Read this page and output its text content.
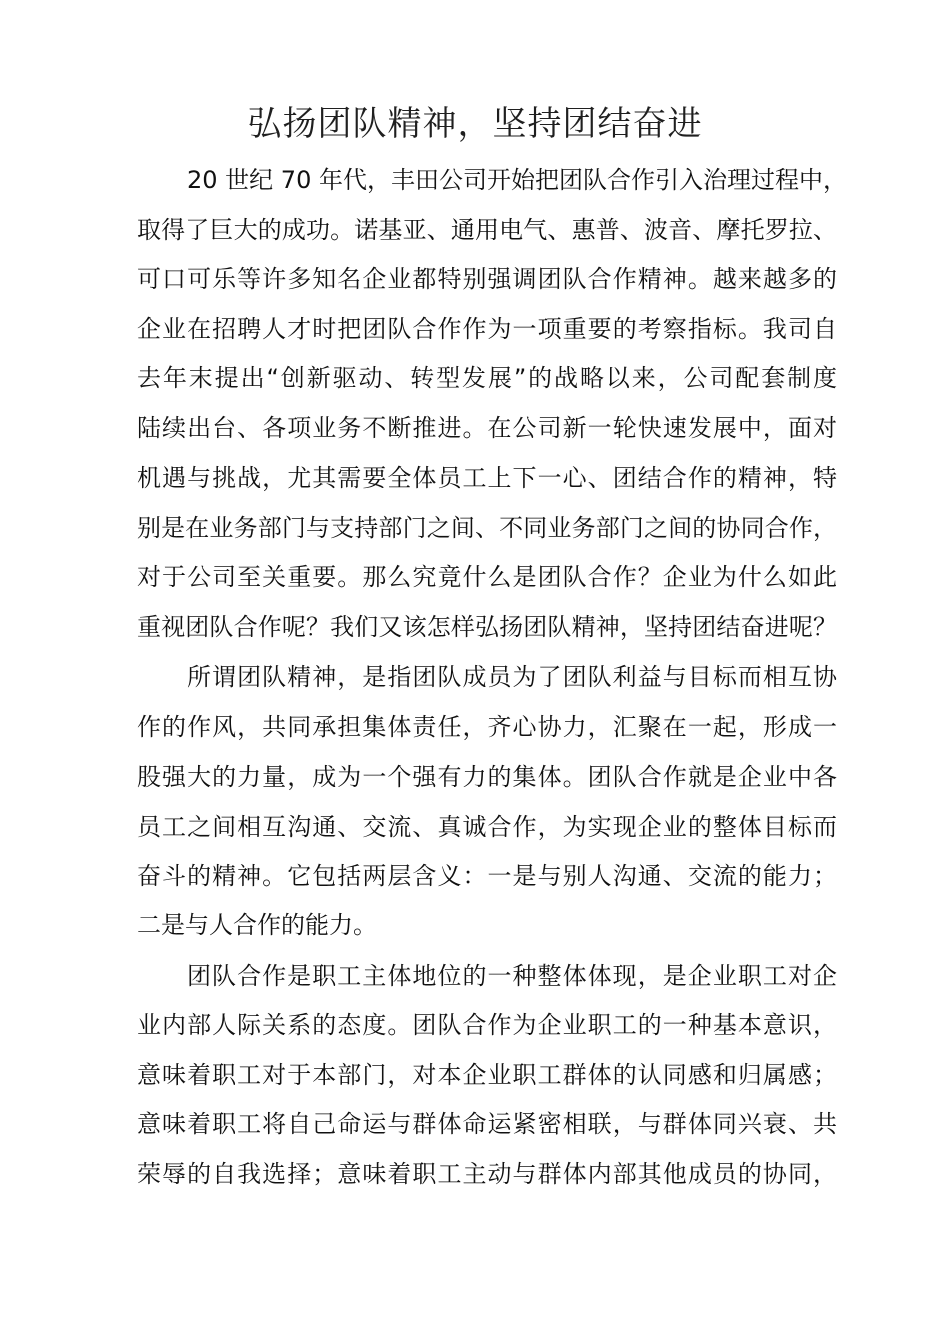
弘扬团队精神，坚持团结奋进

20 世纪 70 年代，丰田公司开始把团队合作引入治理过程中，

取得了巨大的成功。诺基亚、通用电气、惠普、波音、摩托罗拉、

可口可乐等许多知名企业都特别强调团队合作精神。越来越多的

企业在招聘人才时把团队合作作为一项重要的考察指标。我司自

去年末提出“创新驱动、转型发展”的战略以来，公司配套制度

陆续出台、各项业务不断推进。在公司新一轮快速发展中，面对

机遇与挑战，尤其需要全体员工上下一心、团结合作的精神，特

别是在业务部门与支持部门之间、不同业务部门之间的协同合作，

对于公司至关重要。那么究竟什么是团队合作？企业为什么如此

重视团队合作呢？我们又该怎样弘扬团队精神，坚持团结奋进呢？

所谓团队精神，是指团队成员为了团队利益与目标而相互协

作的作风，共同承担集体责任，齐心协力，汇聚在一起，形成一

股强大的力量，成为一个强有力的集体。团队合作就是企业中各

员工之间相互沟通、交流、真诚合作，为实现企业的整体目标而

奋斗的精神。它包括两层含义：一是与别人沟通、交流的能力；

二是与人合作的能力。

团队合作是职工主体地位的一种整体体现，是企业职工对企

业内部人际关系的态度。团队合作为企业职工的一种基本意识，

意味着职工对于本部门，对本企业职工群体的认同感和归属感；

意味着职工将自己命运与群体命运紧密相联，与群体同兴衰、共

荣辱的自我选择；意味着职工主动与群体内部其他成员的协同，
